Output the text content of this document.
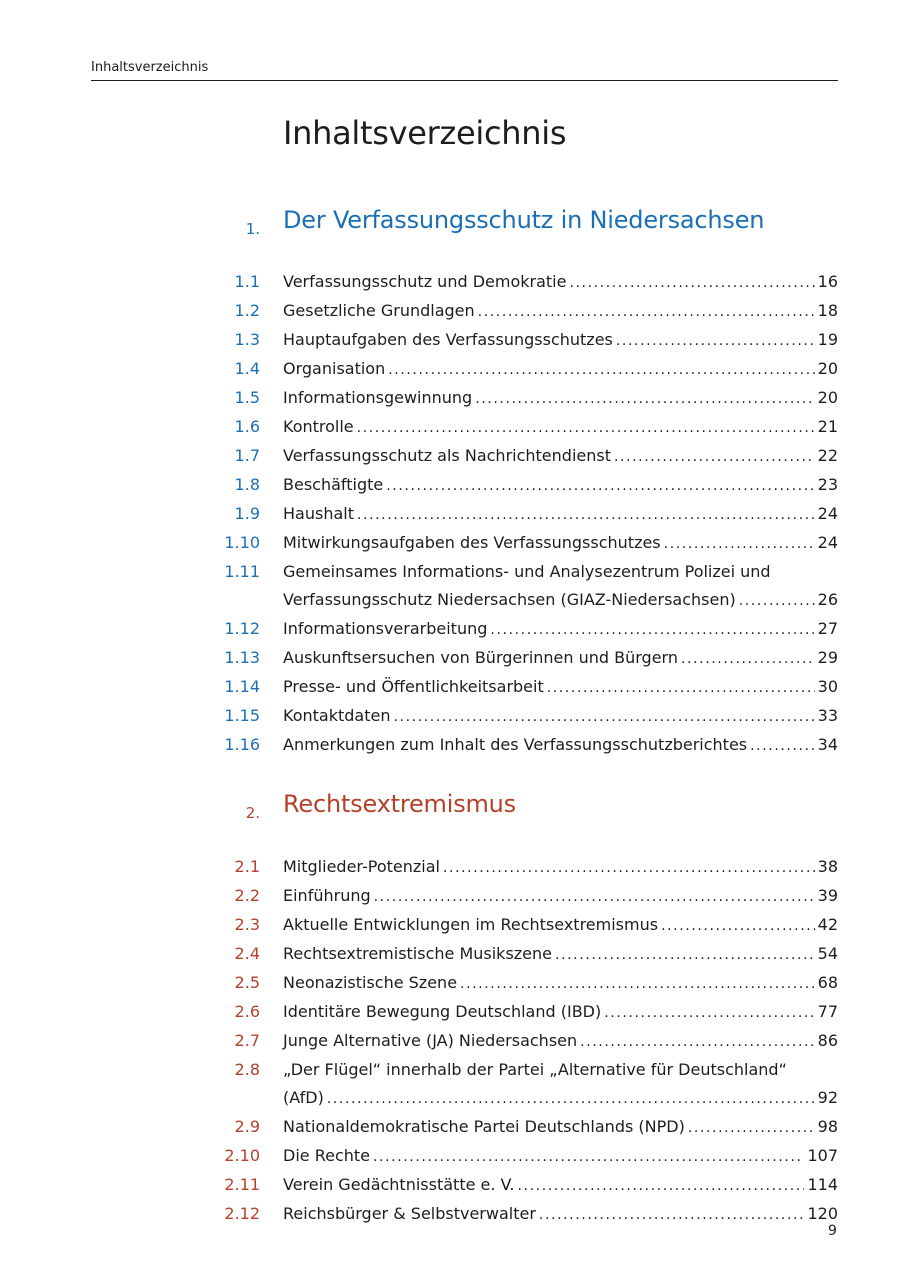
Inhaltsverzeichnis
Inhaltsverzeichnis
1. Der Verfassungsschutz in Niedersachsen
1.1 Verfassungsschutz und Demokratie .....	16
1.2 Gesetzliche Grundlagen .....	18
1.3 Hauptaufgaben des Verfassungsschutzes .....	19
1.4 Organisation .....	20
1.5 Informationsgewinnung .....	20
1.6 Kontrolle .....	21
1.7 Verfassungsschutz als Nachrichtendienst .....	22
1.8 Beschäftigte .....	23
1.9 Haushalt .....	24
1.10 Mitwirkungsaufgaben des Verfassungsschutzes .....	24
1.11 Gemeinsames Informations- und Analysezentrum Polizei und
Verfassungsschutz Niedersachsen (GIAZ-Niedersachsen) .....	26
1.12 Informationsverarbeitung .....	27
1.13 Auskunftsersuchen von Bürgerinnen und Bürgern .....	29
1.14 Presse- und Öffentlichkeitsarbeit .....	30
1.15 Kontaktdaten .....	33
1.16 Anmerkungen zum Inhalt des Verfassungsschutzberichtes .....	34
2. Rechtsextremismus
2.1 Mitglieder-Potenzial .....	38
2.2 Einführung .....	39
2.3 Aktuelle Entwicklungen im Rechtsextremismus .....	42
2.4 Rechtsextremistische Musikszene .....	54
2.5 Neonazistische Szene .....	68
2.6 Identitäre Bewegung Deutschland (IBD) .....	77
2.7 Junge Alternative (JA) Niedersachsen .....	86
2.8 „Der Flügel“ innerhalb der Partei „Alternative für Deutschland“
(AfD) .....	92
2.9 Nationaldemokratische Partei Deutschlands (NPD) .....	98
2.10 Die Rechte .....	107
2.11 Verein Gedächtnisstätte e. V. .....	114
2.12 Reichsbürger & Selbstverwalter .....	120
9
